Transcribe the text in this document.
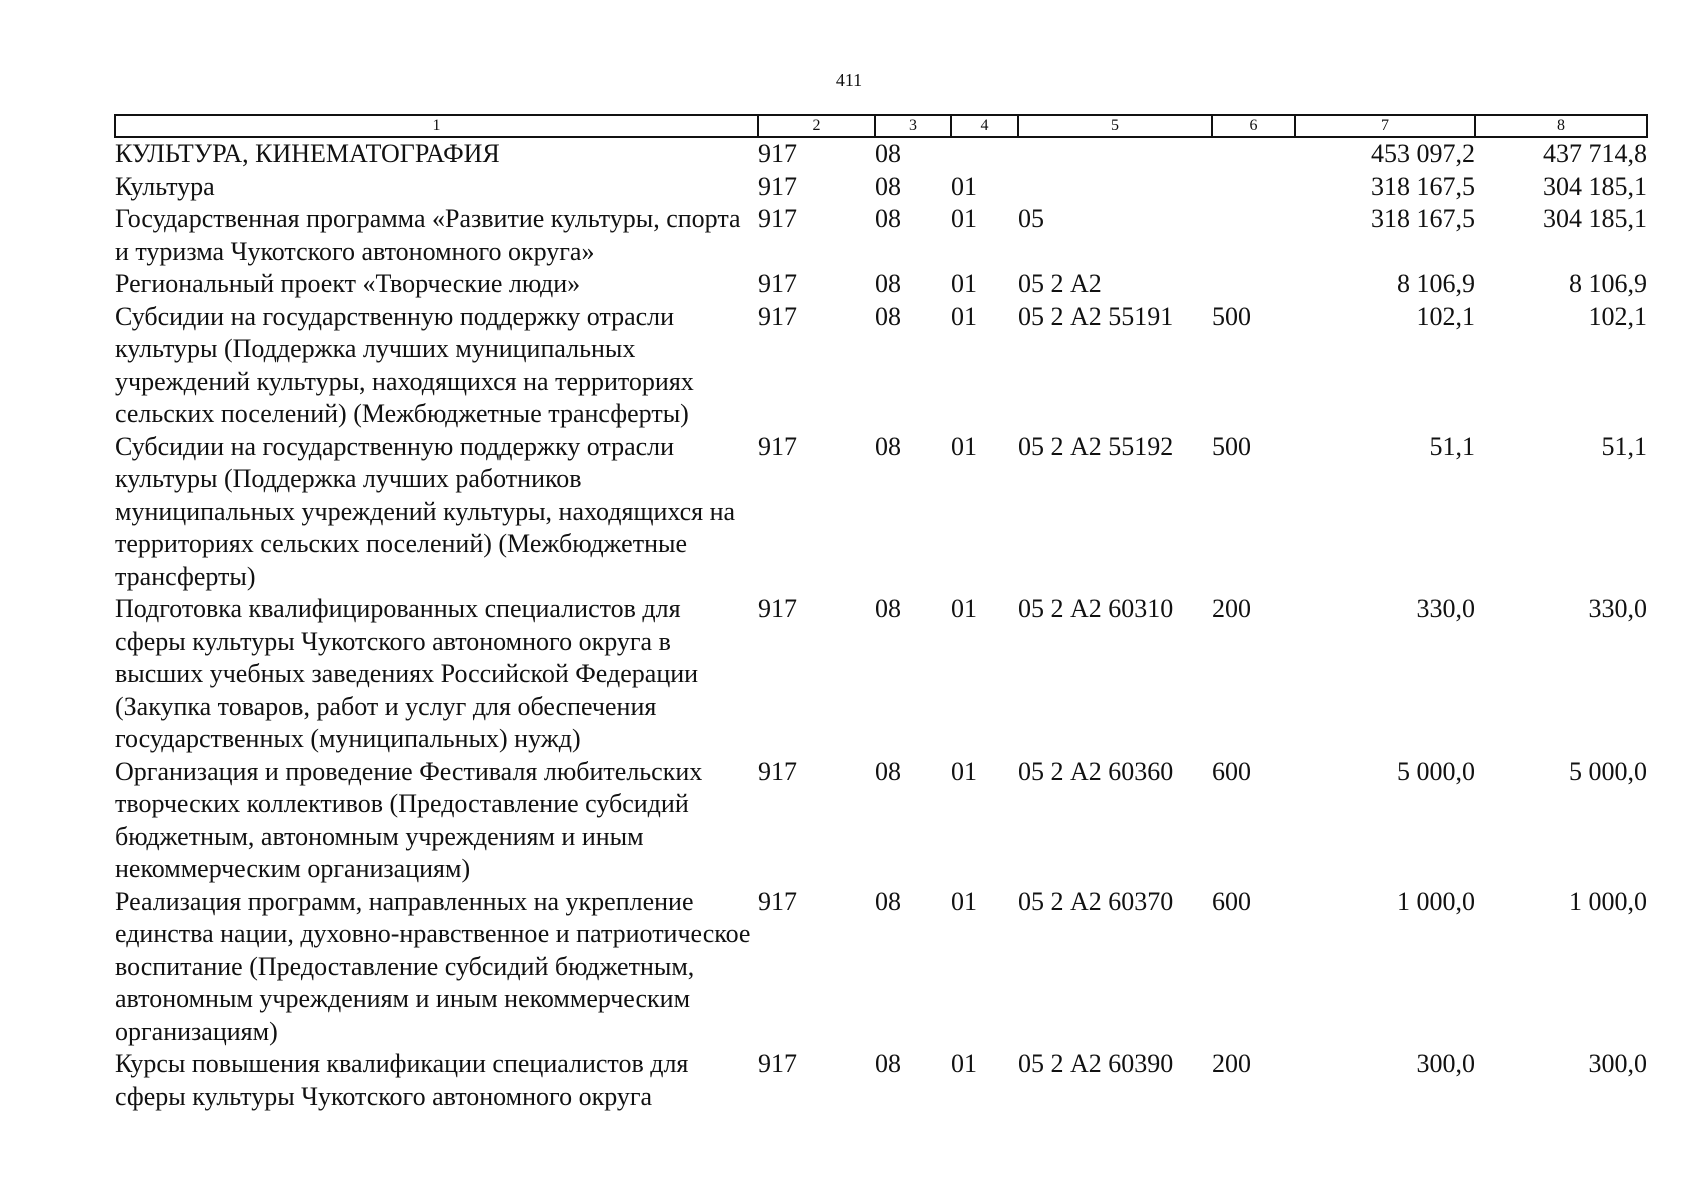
411
1	2	3	4	5	6	7	8
КУЛЬТУРА, КИНЕМАТОГРАФИЯ	917	08				453 097,2	437 714,8
Культура	917	08	01			318 167,5	304 185,1
Государственная программа «Развитие культуры, спорта и туризма Чукотского автономного округа»	917	08	01	05		318 167,5	304 185,1
Региональный проект «Творческие люди»	917	08	01	05 2 А2		8 106,9	8 106,9
Субсидии на государственную поддержку отрасли культуры (Поддержка лучших муниципальных учреждений культуры, находящихся на территориях сельских поселений) (Межбюджетные трансферты)	917	08	01	05 2 А2 55191	500	102,1	102,1
Субсидии на государственную поддержку отрасли культуры (Поддержка лучших работников муниципальных учреждений культуры, находящихся на территориях сельских поселений) (Межбюджетные трансферты)	917	08	01	05 2 А2 55192	500	51,1	51,1
Подготовка квалифицированных специалистов для сферы культуры Чукотского автономного округа в высших учебных заведениях Российской Федерации (Закупка товаров, работ и услуг для обеспечения государственных (муниципальных) нужд)	917	08	01	05 2 А2 60310	200	330,0	330,0
Организация и проведение Фестиваля любительских творческих коллективов (Предоставление субсидий бюджетным, автономным учреждениям и иным некоммерческим организациям)	917	08	01	05 2 А2 60360	600	5 000,0	5 000,0
Реализация программ, направленных на укрепление единства нации, духовно-нравственное и патриотическое воспитание (Предоставление субсидий бюджетным, автономным учреждениям и иным некоммерческим организациям)	917	08	01	05 2 А2 60370	600	1 000,0	1 000,0
Курсы повышения квалификации специалистов для сферы культуры Чукотского автономного округа	917	08	01	05 2 А2 60390	200	300,0	300,0
